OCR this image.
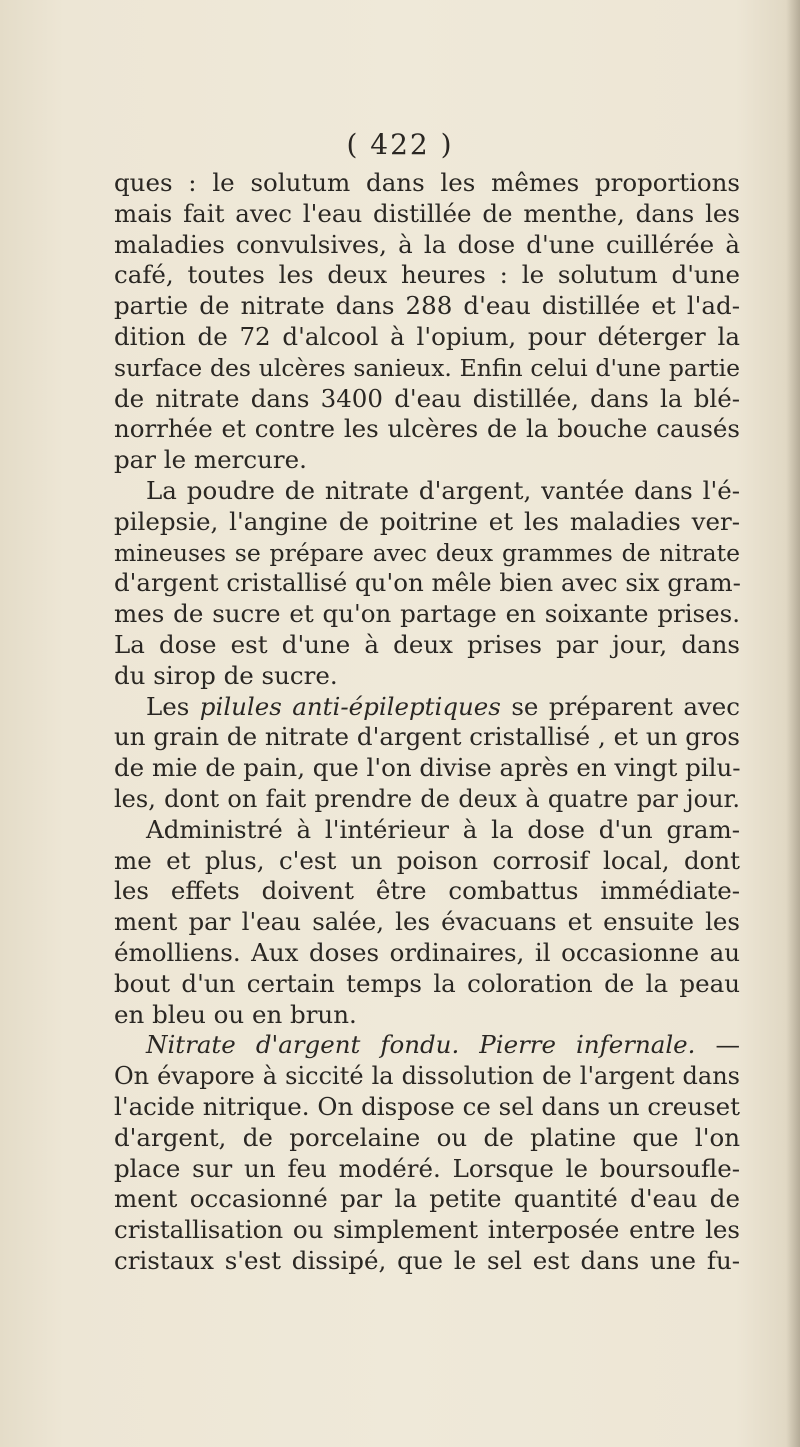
( 422 )
ques : le solutum dans les mêmes proportions
mais fait avec l'eau distillée de menthe, dans les
maladies convulsives, à la dose d'une cuillérée à
café, toutes les deux heures : le solutum d'une
partie de nitrate dans 288 d'eau distillée et l'ad-
dition de 72 d'alcool à l'opium, pour déterger la
surface des ulcères sanieux. Enfin celui d'une partie
de nitrate dans 3400 d'eau distillée, dans la blé-
norrhée et contre les ulcères de la bouche causés
par le mercure.
La poudre de nitrate d'argent, vantée dans l'é-
pilepsie, l'angine de poitrine et les maladies ver-
mineuses se prépare avec deux grammes de nitrate
d'argent cristallisé qu'on mêle bien avec six gram-
mes de sucre et qu'on partage en soixante prises.
La dose est d'une à deux prises par jour, dans
du sirop de sucre.
Les pilules anti-épileptiques se préparent avec
un grain de nitrate d'argent cristallisé , et un gros
de mie de pain, que l'on divise après en vingt pilu-
les, dont on fait prendre de deux à quatre par jour.
Administré à l'intérieur à la dose d'un gram-
me et plus, c'est un poison corrosif local, dont
les effets doivent être combattus immédiate-
ment par l'eau salée, les évacuans et ensuite les
émolliens. Aux doses ordinaires, il occasionne au
bout d'un certain temps la coloration de la peau
en bleu ou en brun.
Nitrate d'argent fondu. Pierre infernale. —
On évapore à siccité la dissolution de l'argent dans
l'acide nitrique. On dispose ce sel dans un creuset
d'argent, de porcelaine ou de platine que l'on
place sur un feu modéré. Lorsque le boursoufle-
ment occasionné par la petite quantité d'eau de
cristallisation ou simplement interposée entre les
cristaux s'est dissipé, que le sel est dans une fu-
